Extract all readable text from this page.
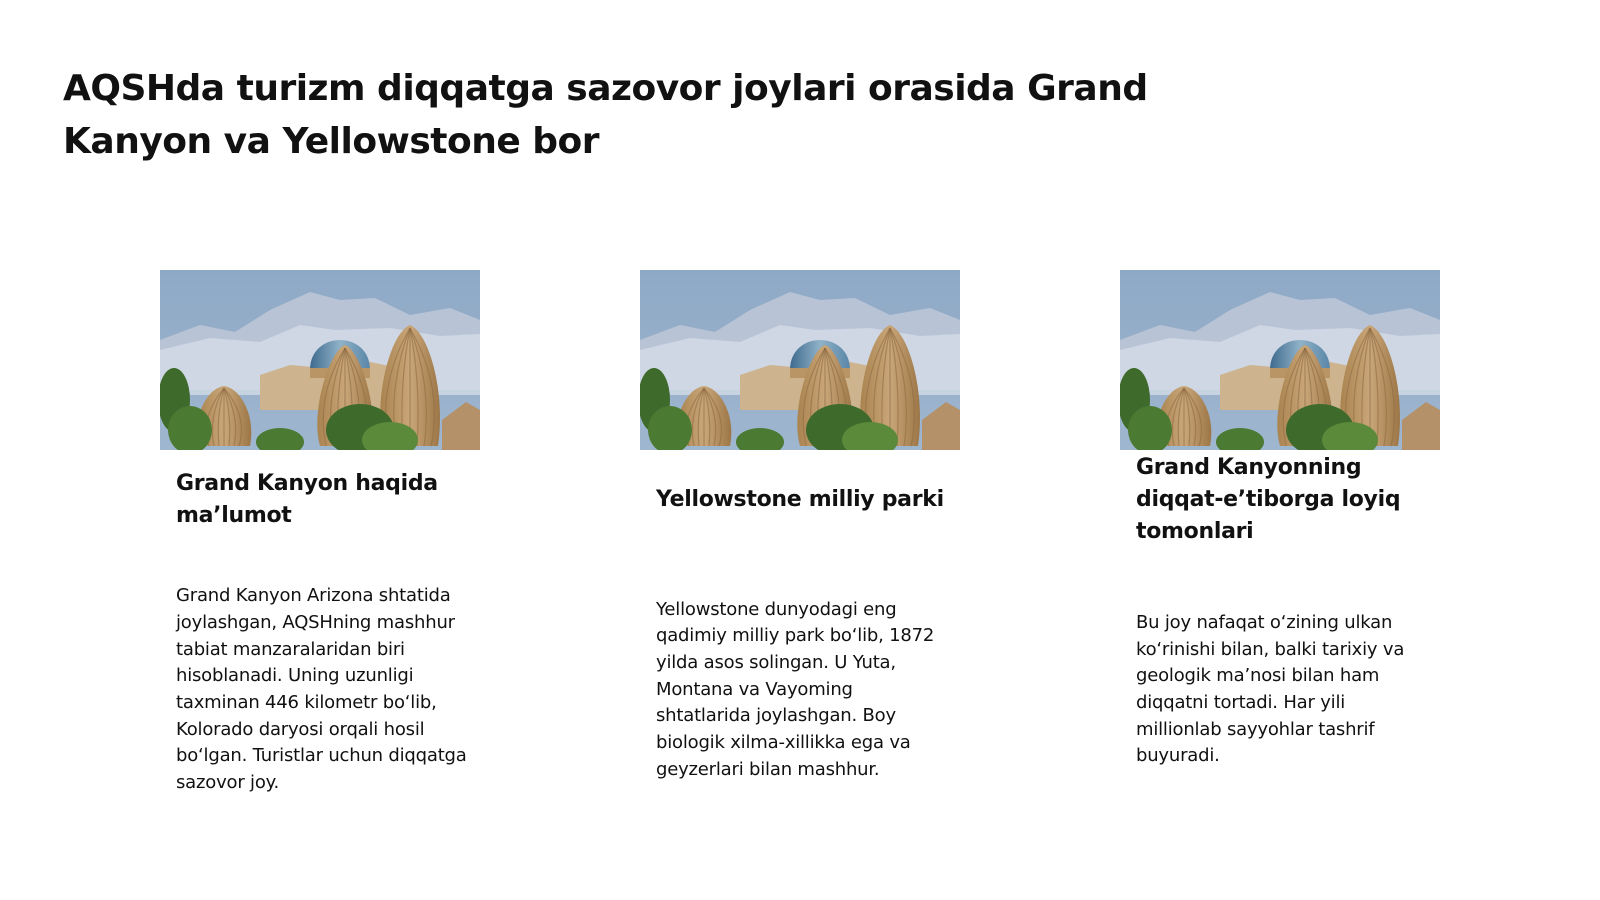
AQSHda turizm diqqatga sazovor joylari orasida Grand Kanyon va Yellowstone bor
Grand Kanyon haqida ma’lumot

Grand Kanyon Arizona shtatida joylashgan, AQSHning mashhur tabiat manzaralaridan biri hisoblanadi. Uning uzunligi taxminan 446 kilometr bo‘lib, Kolorado daryosi orqali hosil bo‘lgan. Turistlar uchun diqqatga sazovor joy.

Yellowstone milliy parki

Yellowstone dunyodagi eng qadimiy milliy park bo‘lib, 1872 yilda asos solingan. U Yuta, Montana va Vayoming shtatlarida joylashgan. Boy biologik xilma-xillikka ega va geyzerlari bilan mashhur.

Grand Kanyonning diqqat-e’tiborga loyiq tomonlari

Bu joy nafaqat o‘zining ulkan ko‘rinishi bilan, balki tarixiy va geologik ma’nosi bilan ham diqqatni tortadi. Har yili millionlab sayyohlar tashrif buyuradi.
